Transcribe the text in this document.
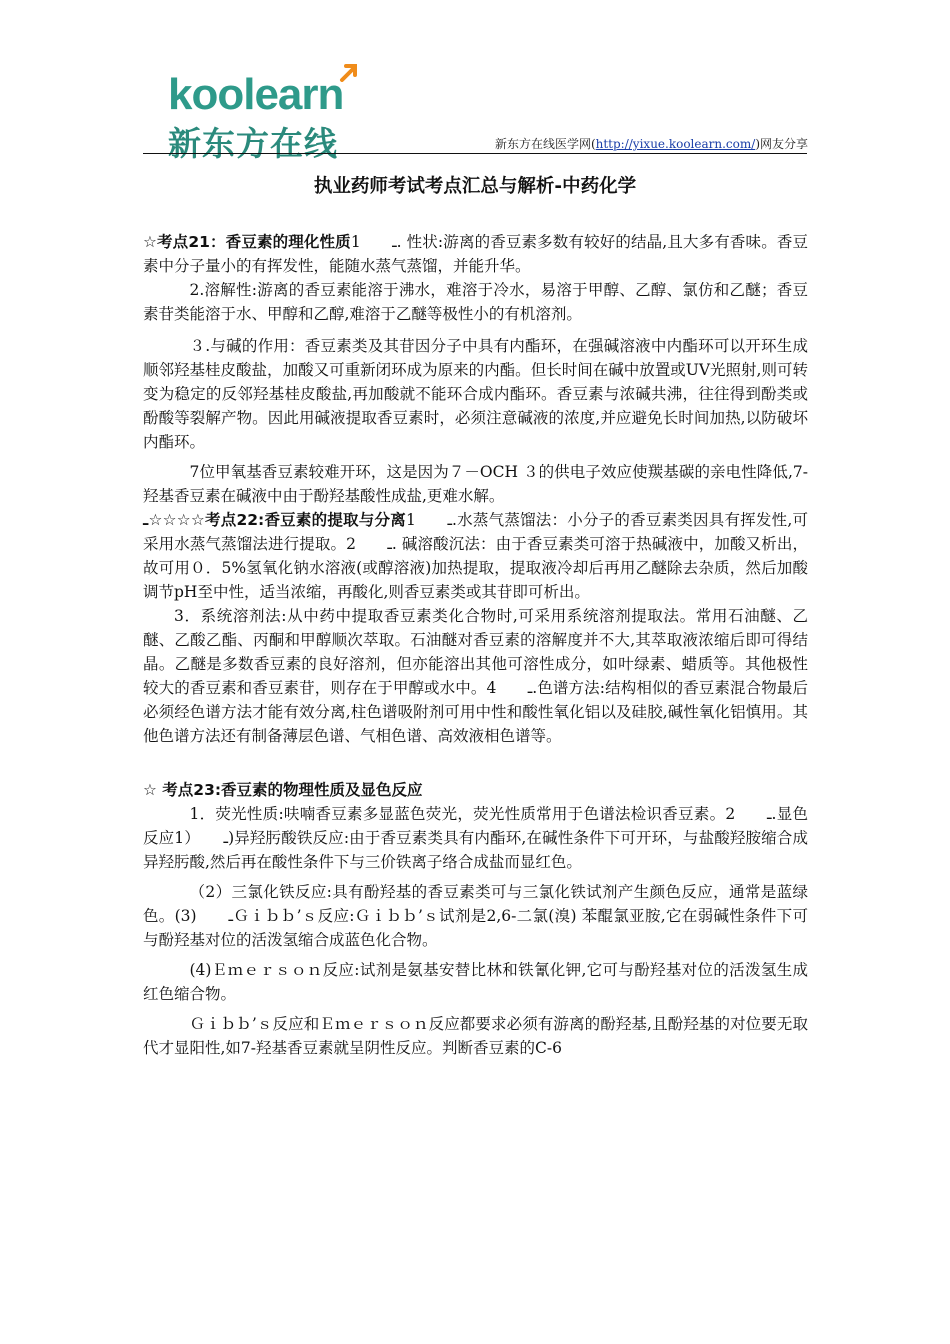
koolearn
新东方在线	新东方在线医学网(http://yixue.koolearn.com/)网友分享
执业药师考试考点汇总与解析-中药化学

☆考点21：香豆素的理化性质1　　ـ. 性状:游离的香豆素多数有较好的结晶,且大多有香味。香豆素中分子量小的有挥发性，能随水蒸气蒸馏，并能升华。

2.溶解性:游离的香豆素能溶于沸水，难溶于冷水，易溶于甲醇、乙醇、氯仿和乙醚；香豆素苷类能溶于水、甲醇和乙醇,难溶于乙醚等极性小的有机溶剂。

３.与碱的作用：香豆素类及其苷因分子中具有内酯环，在强碱溶液中内酯环可以开环生成顺邻羟基桂皮酸盐，加酸又可重新闭环成为原来的内酯。但长时间在碱中放置或UV光照射,则可转变为稳定的反邻羟基桂皮酸盐,再加酸就不能环合成内酯环。香豆素与浓碱共沸，往往得到酚类或酚酸等裂解产物。因此用碱液提取香豆素时，必须注意碱液的浓度,并应避免长时间加热,以防破坏内酯环。

7位甲氧基香豆素较难开环，这是因为７－OCH ３的供电子效应使羰基碳的亲电性降低,7-羟基香豆素在碱液中由于酚羟基酸性成盐,更难水解。

ـ☆☆☆☆考点22:香豆素的提取与分离1　　ـ.水蒸气蒸馏法：小分子的香豆素类因具有挥发性,可采用水蒸气蒸馏法进行提取。2　　ـ. 碱溶酸沉法：由于香豆素类可溶于热碱液中，加酸又析出，故可用０．5%氢氧化钠水溶液(或醇溶液)加热提取，提取液冷却后再用乙醚除去杂质，然后加酸调节pH至中性，适当浓缩，再酸化,则香豆素类或其苷即可析出。

3．系统溶剂法:从中药中提取香豆素类化合物时,可采用系统溶剂提取法。常用石油醚、乙醚、乙酸乙酯、丙酮和甲醇顺次萃取。石油醚对香豆素的溶解度并不大,其萃取液浓缩后即可得结晶。乙醚是多数香豆素的良好溶剂，但亦能溶出其他可溶性成分，如叶绿素、蜡质等。其他极性较大的香豆素和香豆素苷，则存在于甲醇或水中。4　　ـ.色谱方法:结构相似的香豆素混合物最后必须经色谱方法才能有效分离,柱色谱吸附剂可用中性和酸性氧化铝以及硅胶,碱性氧化铝慎用。其他色谱方法还有制备薄层色谱、气相色谱、高效液相色谱等。

☆ 考点23:香豆素的物理性质及显色反应

1．荧光性质:呋喃香豆素多显蓝色荧光，荧光性质常用于色谱法检识香豆素。2　　ـ.显色反应1）　　ـ)异羟肟酸铁反应:由于香豆素类具有内酯环,在碱性条件下可开环，与盐酸羟胺缩合成异羟肟酸,然后再在酸性条件下与三价铁离子络合成盐而显红色。

（2）三氯化铁反应:具有酚羟基的香豆素类可与三氯化铁试剂产生颜色反应，通常是蓝绿色。(3)　　ـＧｉｂｂ’ｓ反应:Ｇｉｂｂ’ｓ试剂是2,6-二氯(溴) 苯醌氯亚胺,它在弱碱性条件下可与酚羟基对位的活泼氢缩合成蓝色化合物。

(4)Ｅｍｅｒｓｏｎ反应:试剂是氨基安替比林和铁氰化钾,它可与酚羟基对位的活泼氢生成红色缩合物。

Ｇｉｂｂ’ｓ反应和Ｅｍｅｒｓｏｎ反应都要求必须有游离的酚羟基,且酚羟基的对位要无取代才显阳性,如7-羟基香豆素就呈阴性反应。判断香豆素的C-6
